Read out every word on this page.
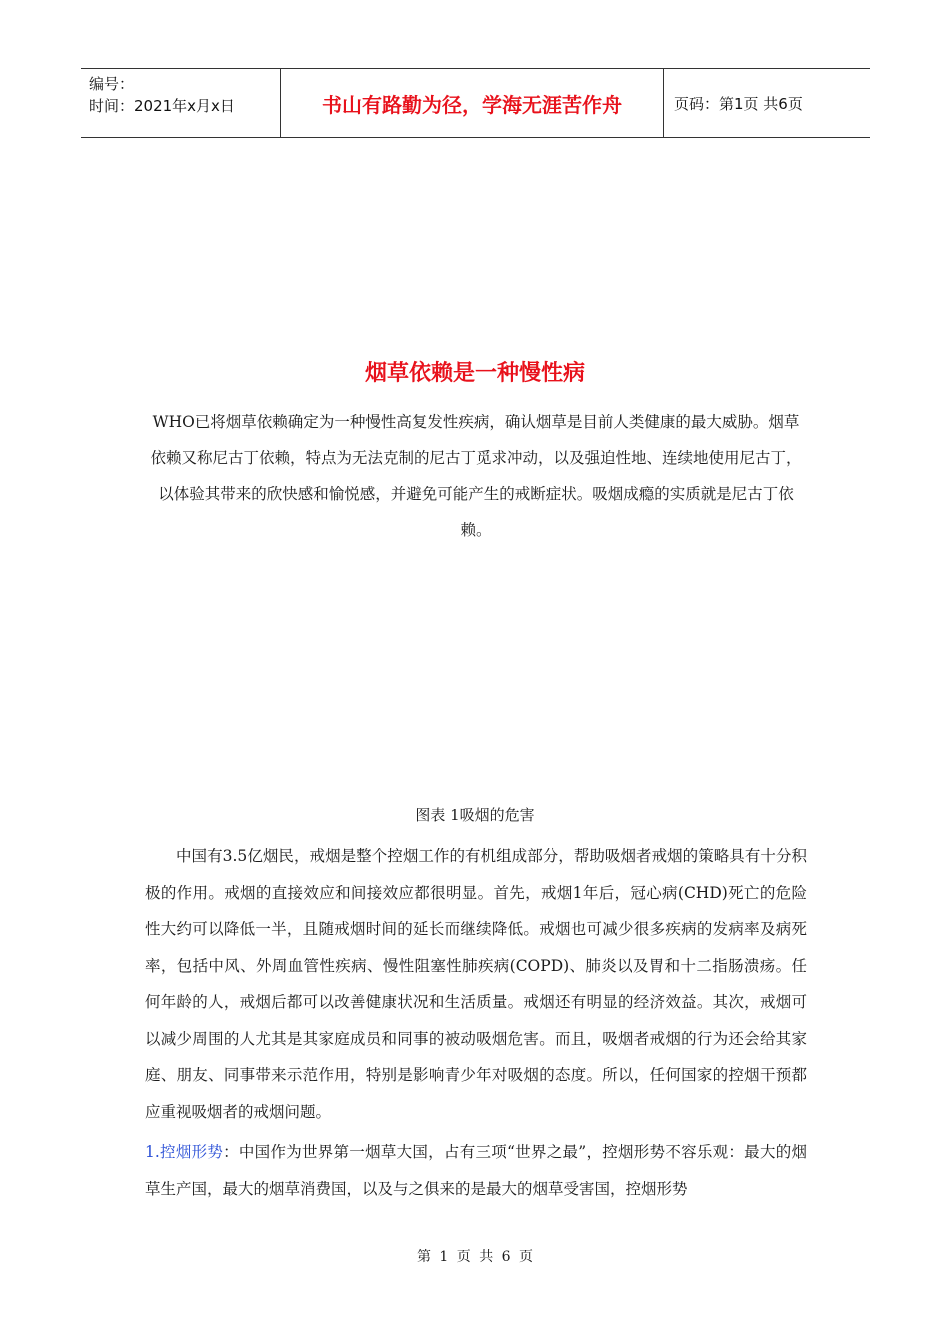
编号：
时间：2021年x月x日	书山有路勤为径，学海无涯苦作舟	页码：第1页 共6页
烟草依赖是一种慢性病
WHO已将烟草依赖确定为一种慢性高复发性疾病，确认烟草是目前人类健康的最大威胁。烟草依赖又称尼古丁依赖，特点为无法克制的尼古丁觅求冲动，以及强迫性地、连续地使用尼古丁，以体验其带来的欣快感和愉悦感，并避免可能产生的戒断症状。吸烟成瘾的实质就是尼古丁依赖。
图表 1吸烟的危害
中国有3.5亿烟民，戒烟是整个控烟工作的有机组成部分，帮助吸烟者戒烟的策略具有十分积极的作用。戒烟的直接效应和间接效应都很明显。首先，戒烟1年后，冠心病(CHD)死亡的危险性大约可以降低一半，且随戒烟时间的延长而继续降低。戒烟也可减少很多疾病的发病率及病死率，包括中风、外周血管性疾病、慢性阻塞性肺疾病(COPD)、肺炎以及胃和十二指肠溃疡。任何年龄的人，戒烟后都可以改善健康状况和生活质量。戒烟还有明显的经济效益。其次，戒烟可以减少周围的人尤其是其家庭成员和同事的被动吸烟危害。而且，吸烟者戒烟的行为还会给其家庭、朋友、同事带来示范作用，特别是影响青少年对吸烟的态度。所以，任何国家的控烟干预都应重视吸烟者的戒烟问题。
1.控烟形势：中国作为世界第一烟草大国，占有三项“世界之最”，控烟形势不容乐观：最大的烟草生产国，最大的烟草消费国，以及与之俱来的是最大的烟草受害国，控烟形势
第 1 页 共 6 页
